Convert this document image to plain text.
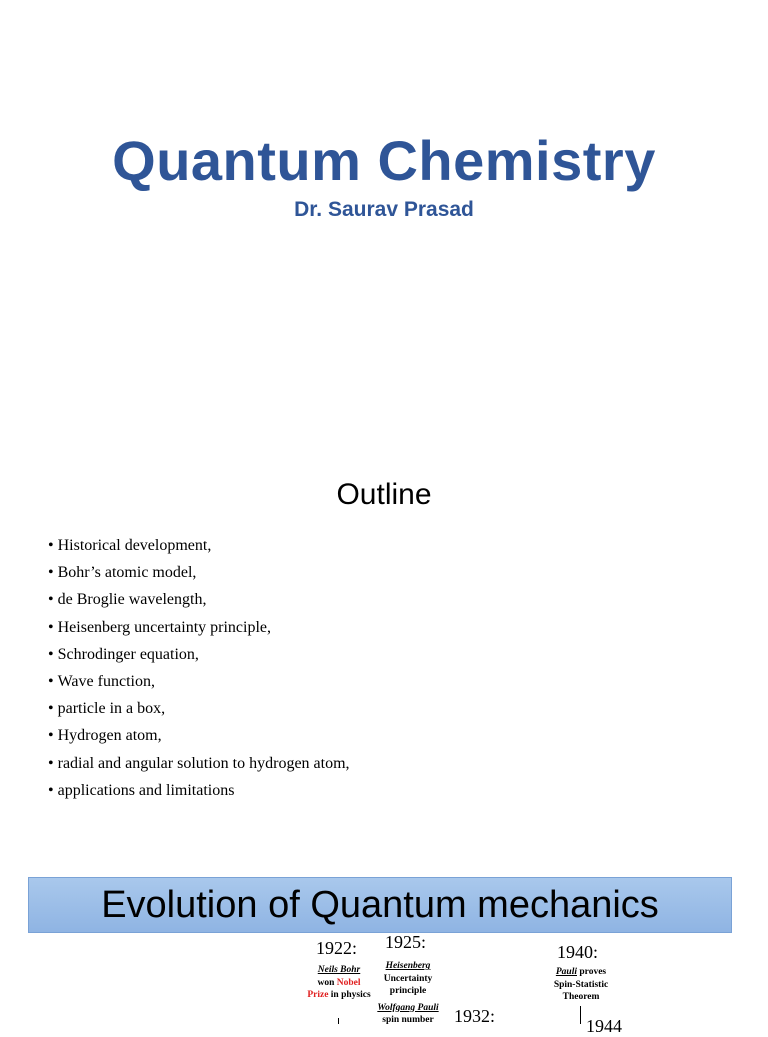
Quantum Chemistry
Dr. Saurav Prasad
Outline
• Historical development,
• Bohr’s atomic model,
• de Broglie wavelength,
• Heisenberg uncertainty principle,
• Schrodinger equation,
• Wave function,
• particle in a box,
• Hydrogen atom,
• radial and angular solution to hydrogen atom,
• applications and limitations
Evolution of Quantum mechanics
1922:
Neils Bohr
won Nobel Prize in physics
1925:
Heisenberg
Uncertainty principle
Wolfgang Pauli
spin number	1932:
1940:
Pauli proves Spin-Statistic Theorem
1944
